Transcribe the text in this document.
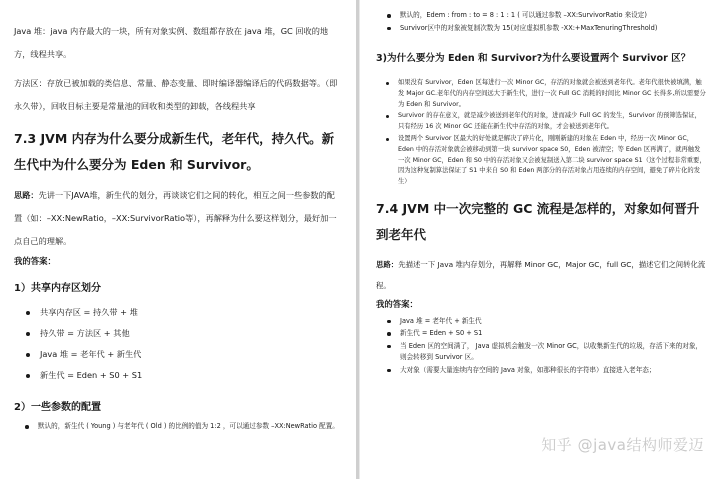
Java 堆：java 内存最大的一块，所有对象实例、数组都存放在 java 堆，GC 回收的地方，线程共享。

方法区：存放已被加载的类信息、常量、静态变量、即时编译器编译后的代码数据等。（即永久带），回收目标主要是常量池的回收和类型的卸载，各线程共享

7.3 JVM 内存为什么要分成新生代，老年代，持久代。新生代中为什么要分为 Eden 和 Survivor。

思路：先讲一下JAVA堆，新生代的划分，再谈谈它们之间的转化，相互之间一些参数的配置（如：–XX:NewRatio，–XX:SurvivorRatio等），再解释为什么要这样划分，最好加一点自己的理解。

我的答案：

1）共享内存区划分
共享内存区 = 持久带 + 堆
持久带 = 方法区 + 其他
Java 堆 = 老年代 + 新生代
新生代 = Eden + S0 + S1
2）一些参数的配置
默认的，新生代 ( Young ) 与老年代 ( Old ) 的比例的值为 1:2 ，可以通过参数 –XX:NewRatio 配置。
默认的，Edem : from : to = 8 : 1 : 1 ( 可以通过参数 –XX:SurvivorRatio 来设定)
Survivor区中的对象被复制次数为 15(对应虚拟机参数 -XX:+MaxTenuringThreshold)
3)为什么要分为 Eden 和 Survivor?为什么要设置两个 Survivor 区？
如果没有 Survivor，Eden 区每进行一次 Minor GC，存活的对象就会被送到老年代。老年代很快被填满，触发 Major GC.老年代的内存空间远大于新生代，进行一次 Full GC 消耗的时间比 Minor GC 长得多,所以需要分为 Eden 和 Survivor。
Survivor 的存在意义，就是减少被送到老年代的对象，进而减少 Full GC 的发生，Survivor 的预筛选保证，只有经历 16 次 Minor GC 还能在新生代中存活的对象，才会被送到老年代。
设置两个 Survivor 区最大的好处就是解决了碎片化，刚刚新建的对象在 Eden 中，经历一次 Minor GC，Eden 中的存活对象就会被移动到第一块 survivor space S0，Eden 被清空；等 Eden 区再满了，就再触发一次 Minor GC，Eden 和 S0 中的存活对象又会被复制送入第二块 survivor space S1（这个过程非常重要，因为这种复制算法保证了 S1 中来自 S0 和 Eden 两部分的存活对象占用连续的内存空间，避免了碎片化的发生）
7.4 JVM 中一次完整的 GC 流程是怎样的，对象如何晋升到老年代

思路：先描述一下 Java 堆内存划分，再解释 Minor GC，Major GC，full GC，描述它们之间转化流程。

我的答案：

Java 堆 = 老年代 + 新生代
新生代 = Eden + S0 + S1
当 Eden 区的空间满了， Java 虚拟机会触发一次 Minor GC，以收集新生代的垃圾，存活下来的对象，则会转移到 Survivor 区。
大对象（需要大量连续内存空间的 Java 对象，如那种很长的字符串）直接进入老年态；
知乎 @java结构师爱迈
